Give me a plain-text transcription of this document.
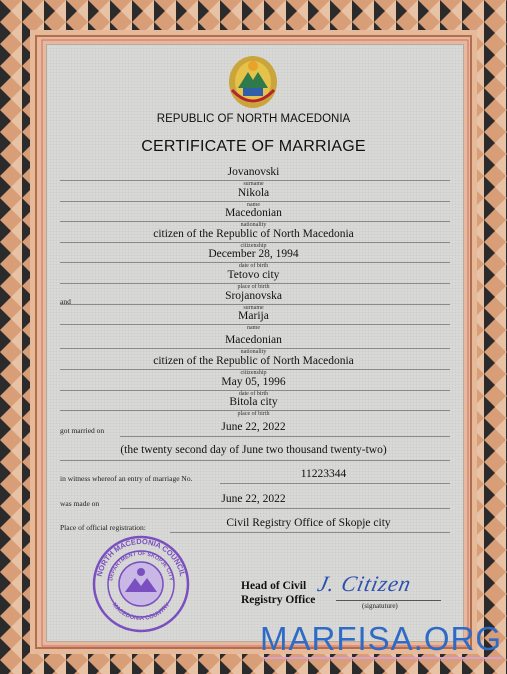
REPUBLIC OF NORTH MACEDONIA
CERTIFICATE OF MARRIAGE
Jovanovski
surname
Nikola
name
Macedonian
nationality
citizen of the Republic of North Macedonia
citizenship
December 28, 1994
date of birth
Tetovo city
place of birth
and	Srojanovska
surname
Marija
name
Macedonian
nationality
citizen of the Republic of North Macedonia
citizenship
May 05, 1996
date of birth
Bitola city
place of birth
got married on	June 22, 2022
(the twenty second day of June two thousand twenty-two)
in witness whereof an entry of marriage No.	11223344
was made on	June 22, 2022
Place of official registration:	Civil Registry Office of Skopje city
NORTH MACEDONIA COUNCIL
DEPARTMENT OF SKOPJE CITY
MACEDONIA COUNTRY
Head of Civil
Registry Office
J. Citizen
(signatuture)
MARFISA.ORG
